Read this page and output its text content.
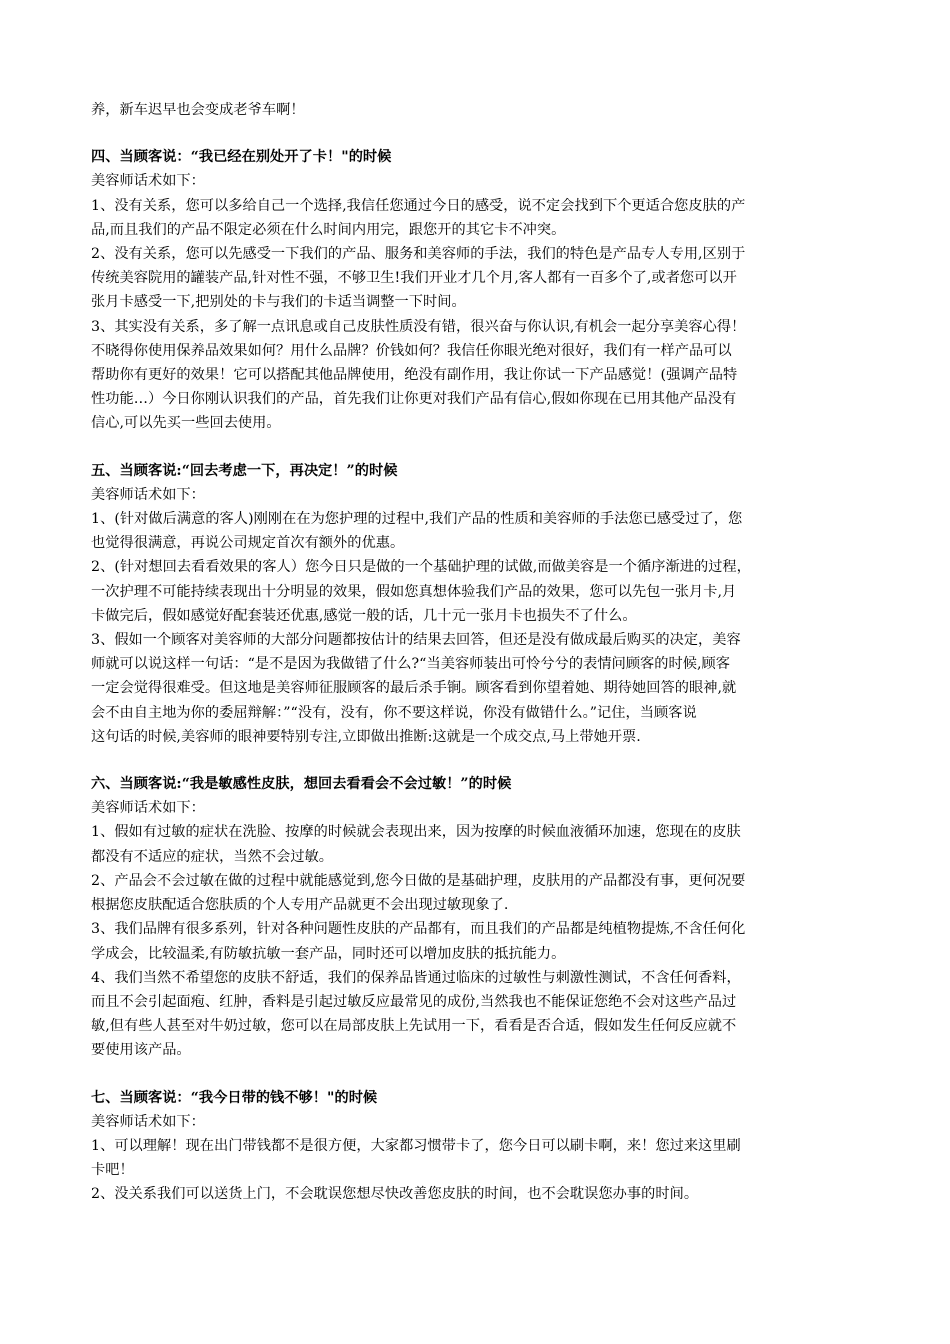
养，新车迟早也会变成老爷车啊！

四、当顾客说：“我已经在别处开了卡！"的时候

美容师话术如下：

1、没有关系，您可以多给自己一个选择,我信任您通过今日的感受，说不定会找到下个更适合您皮肤的产

品,而且我们的产品不限定必须在什么时间内用完，跟您开的其它卡不冲突。

2、没有关系，您可以先感受一下我们的产品、服务和美容师的手法，我们的特色是产品专人专用,区别于

传统美容院用的罐装产品,针对性不强，不够卫生!我们开业才几个月,客人都有一百多个了,或者您可以开

张月卡感受一下,把别处的卡与我们的卡适当调整一下时间。

3、其实没有关系，多了解一点讯息或自己皮肤性质没有错，很兴奋与你认识,有机会一起分享美容心得！

不晓得你使用保养品效果如何？用什么品牌？价钱如何？我信任你眼光绝对很好，我们有一样产品可以

帮助你有更好的效果！它可以搭配其他品牌使用，绝没有副作用，我让你试一下产品感觉！(强调产品特

性功能…）今日你刚认识我们的产品，首先我们让你更对我们产品有信心,假如你现在已用其他产品没有

信心,可以先买一些回去使用。

五、当顾客说:“回去考虑一下，再决定！”的时候

美容师话术如下：

1、(针对做后满意的客人)刚刚在在为您护理的过程中,我们产品的性质和美容师的手法您已感受过了，您

也觉得很满意，再说公司规定首次有额外的优惠。

2、(针对想回去看看效果的客人）您今日只是做的一个基础护理的试做,而做美容是一个循序渐进的过程，

一次护理不可能持续表现出十分明显的效果，假如您真想体验我们产品的效果，您可以先包一张月卡,月

卡做完后，假如感觉好配套装还优惠,感觉一般的话，几十元一张月卡也损失不了什么。

3、假如一个顾客对美容师的大部分问题都按估计的结果去回答，但还是没有做成最后购买的决定，美容

师就可以说这样一句话：“是不是因为我做错了什么?“当美容师装出可怜兮兮的表情问顾客的时候,顾客

一定会觉得很难受。但这地是美容师征服顾客的最后杀手锏。顾客看到你望着她、期待她回答的眼神,就

会不由自主地为你的委屈辩解：”“没有，没有，你不要这样说，你没有做错什么。”记住，当顾客说

这句话的时候,美容师的眼神要特别专注,立即做出推断:这就是一个成交点,马上带她开票.

六、当顾客说:“我是敏感性皮肤，想回去看看会不会过敏！”的时候

美容师话术如下：

1、假如有过敏的症状在洗脸、按摩的时候就会表现出来，因为按摩的时候血液循环加速，您现在的皮肤

都没有不适应的症状，当然不会过敏。

2、产品会不会过敏在做的过程中就能感觉到,您今日做的是基础护理，皮肤用的产品都没有事，更何况要

根据您皮肤配适合您肤质的个人专用产品就更不会出现过敏现象了.

3、我们品牌有很多系列，针对各种问题性皮肤的产品都有，而且我们的产品都是纯植物提炼,不含任何化

学成会，比较温柔,有防敏抗敏一套产品，同时还可以增加皮肤的抵抗能力。

4、我们当然不希望您的皮肤不舒适，我们的保养品皆通过临床的过敏性与刺激性测试，不含任何香料，

而且不会引起面疱、红肿，香料是引起过敏反应最常见的成份,当然我也不能保证您绝不会对这些产品过

敏,但有些人甚至对牛奶过敏，您可以在局部皮肤上先试用一下，看看是否合适，假如发生任何反应就不

要使用该产品。

七、当顾客说：“我今日带的钱不够！"的时候

美容师话术如下：

1、可以理解！现在出门带钱都不是很方便，大家都习惯带卡了，您今日可以刷卡啊，来！您过来这里刷

卡吧！

2、没关系我们可以送货上门，不会耽误您想尽快改善您皮肤的时间，也不会耽误您办事的时间。
